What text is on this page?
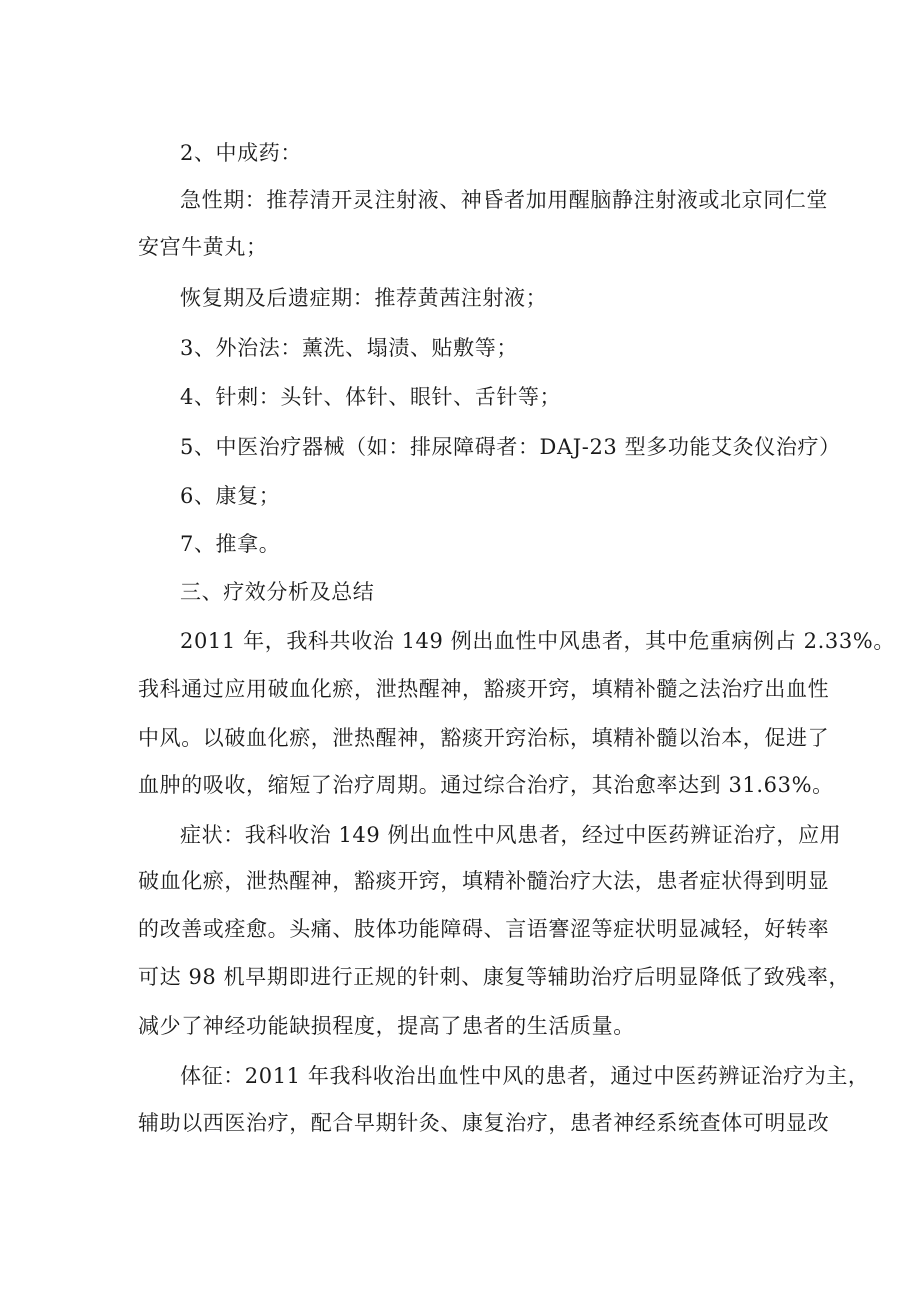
2、中成药：
急性期：推荐清开灵注射液、神昏者加用醒脑静注射液或北京同仁堂
安宫牛黄丸；
恢复期及后遗症期：推荐黄茜注射液；
3、外治法：薰洗、塌渍、贴敷等；
4、针刺：头针、体针、眼针、舌针等；
5、中医治疗器械（如：排尿障碍者：DAJ-23 型多功能艾灸仪治疗）
6、康复；
7、推拿。
三、疗效分析及总结
2011 年，我科共收治 149 例出血性中风患者，其中危重病例占 2.33%。
我科通过应用破血化瘀，泄热醒神，豁痰开窍，填精补髓之法治疗出血性
中风。以破血化瘀，泄热醒神，豁痰开窍治标，填精补髓以治本，促进了
血肿的吸收，缩短了治疗周期。通过综合治疗，其治愈率达到 31.63%。
症状：我科收治 149 例出血性中风患者，经过中医药辨证治疗，应用
破血化瘀，泄热醒神，豁痰开窍，填精补髓治疗大法，患者症状得到明显
的改善或痊愈。头痛、肢体功能障碍、言语謇涩等症状明显减轻，好转率
可达 98 机早期即进行正规的针刺、康复等辅助治疗后明显降低了致残率，
减少了神经功能缺损程度，提高了患者的生活质量。
体征：2011 年我科收治出血性中风的患者，通过中医药辨证治疗为主，
辅助以西医治疗，配合早期针灸、康复治疗，患者神经系统查体可明显改
